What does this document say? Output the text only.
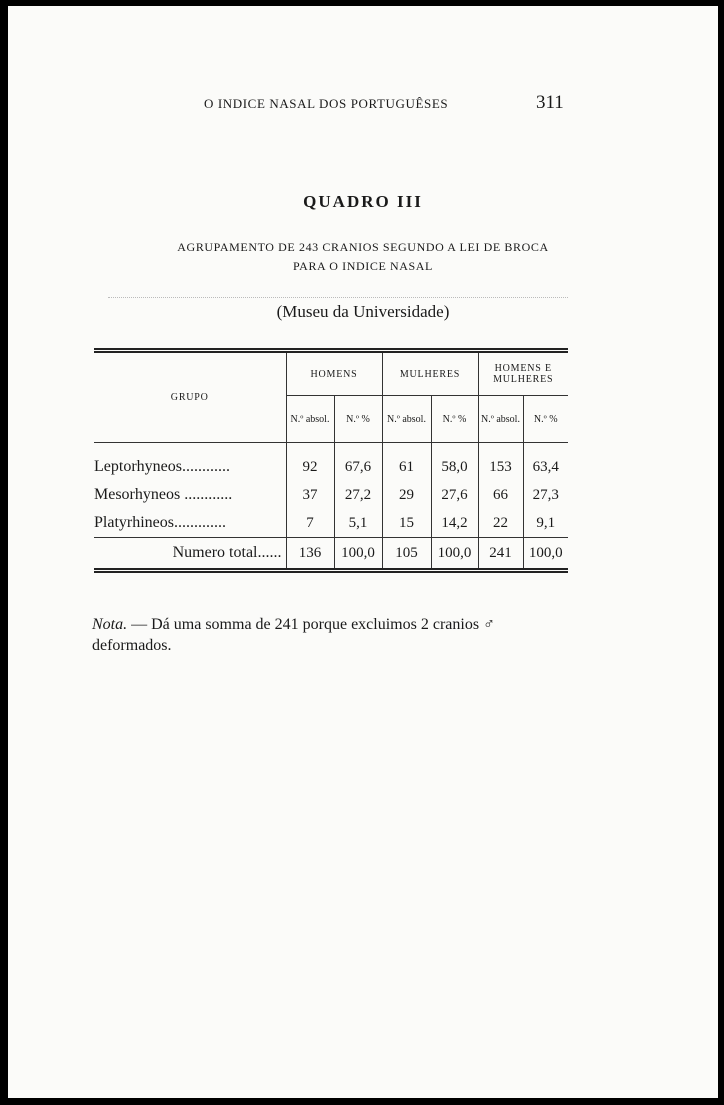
O INDICE NASAL DOS PORTUGUÊSES	311
QUADRO III
AGRUPAMENTO DE 243 CRANIOS SEGUNDO A LEI DE BROCA
PARA O INDICE NASAL
(Museu da Universidade)
GRUPO	HOMENS		MULHERES		HOMENS E MULHERES	
	N.º absol.	N.º %	N.º absol.	N.º %	N.º absol.	N.º %

Leptorhyneos............	92	67,6	61	58,0	153	63,4
Mesorhyneos ............	37	27,2	29	27,6	66	27,3
Platyrhineos.............	7	5,1	15	14,2	22	9,1
Numero total......	136	100,0	105	100,0	241	100,0
Nota. — Dá uma somma de 241 porque excluimos 2 cranios ♂ deformados.
